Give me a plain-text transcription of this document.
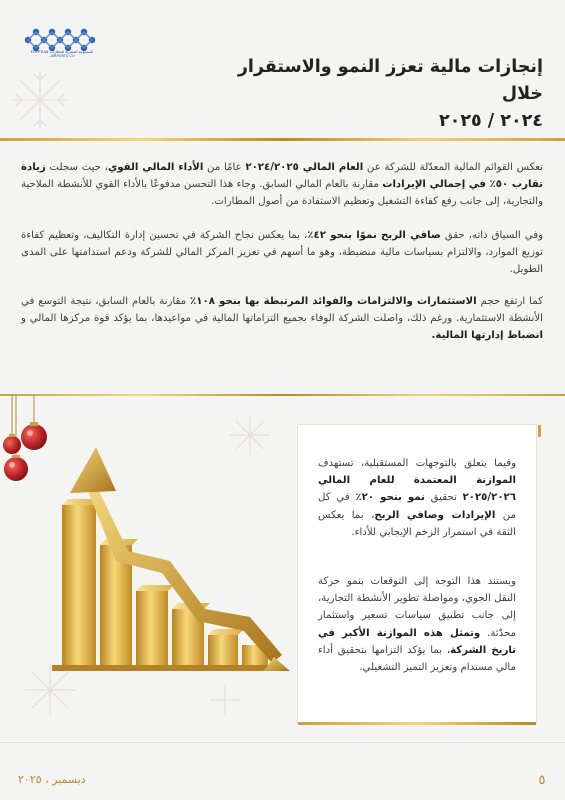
المجموعة المصرية للمطارات EGYPTIAN AIRPORTS CO.
إنجازات مالية تعزز النمو والاستقرار خلال
٢٠٢٤ / ٢٠٢٥

تعكس القوائم المالية المعدّلة للشركة عن العام المالي ٢٠٢٤/٢٠٢٥ عامًا من الأداء المالي القوي، حيث سجلت زيادة تقارب ٥٠٪ في إجمالي الإيرادات مقارنة بالعام المالي السابق. وجاء هذا التحسن مدفوعًا بالأداء القوي للأنشطة الملاحية والتجارية، إلى جانب رفع كفاءة التشغيل وتعظيم الاستفادة من أصول المطارات.

وفي السياق ذاته، حقق صافي الربح نموًا بنحو ٤٢٪، بما يعكس نجاح الشركة في تحسين إدارة التكاليف، وتعظيم كفاءة توزيع الموارد، والالتزام بسياسات مالية منضبطة، وهو ما أسهم في تعزيز المركز المالي للشركة ودعم استدامتها على المدى الطويل.

كما ارتفع حجم الاستثمارات والالتزامات والفوائد المرتبطة بها بنحو ١٠٨٪ مقارنة بالعام السابق، نتيجة التوسع في الأنشطة الاستثمارية. ورغم ذلك، واصلت الشركة الوفاء بجميع التزاماتها المالية في مواعيدها، بما يؤكد قوة مركزها المالي و انضباط إدارتها المالية.

وفيما يتعلق بالتوجهات المستقبلية، تستهدف الموازنة المعتمدة للعام المالي ٢٠٢٥/٢٠٢٦ تحقيق نمو بنحو ٢٠٪ في كل من الإيرادات وصافي الربح، بما يعكس الثقة في استمرار الزخم الإيجابي للأداء.

ويستند هذا التوجه إلى التوقعات بنمو حركة النقل الجوي، ومواصلة تطوير الأنشطة التجارية، إلى جانب تطبيق سياسات تسعير واستثمار محدّثة. وتمثل هذه الموازنة الأكبر في تاريخ الشركة، بما يؤكد التزامها بتحقيق أداء مالي مستدام وتعزيز التميز التشغيلي.

٥
ديسمبر ، ٢٠٢٥
